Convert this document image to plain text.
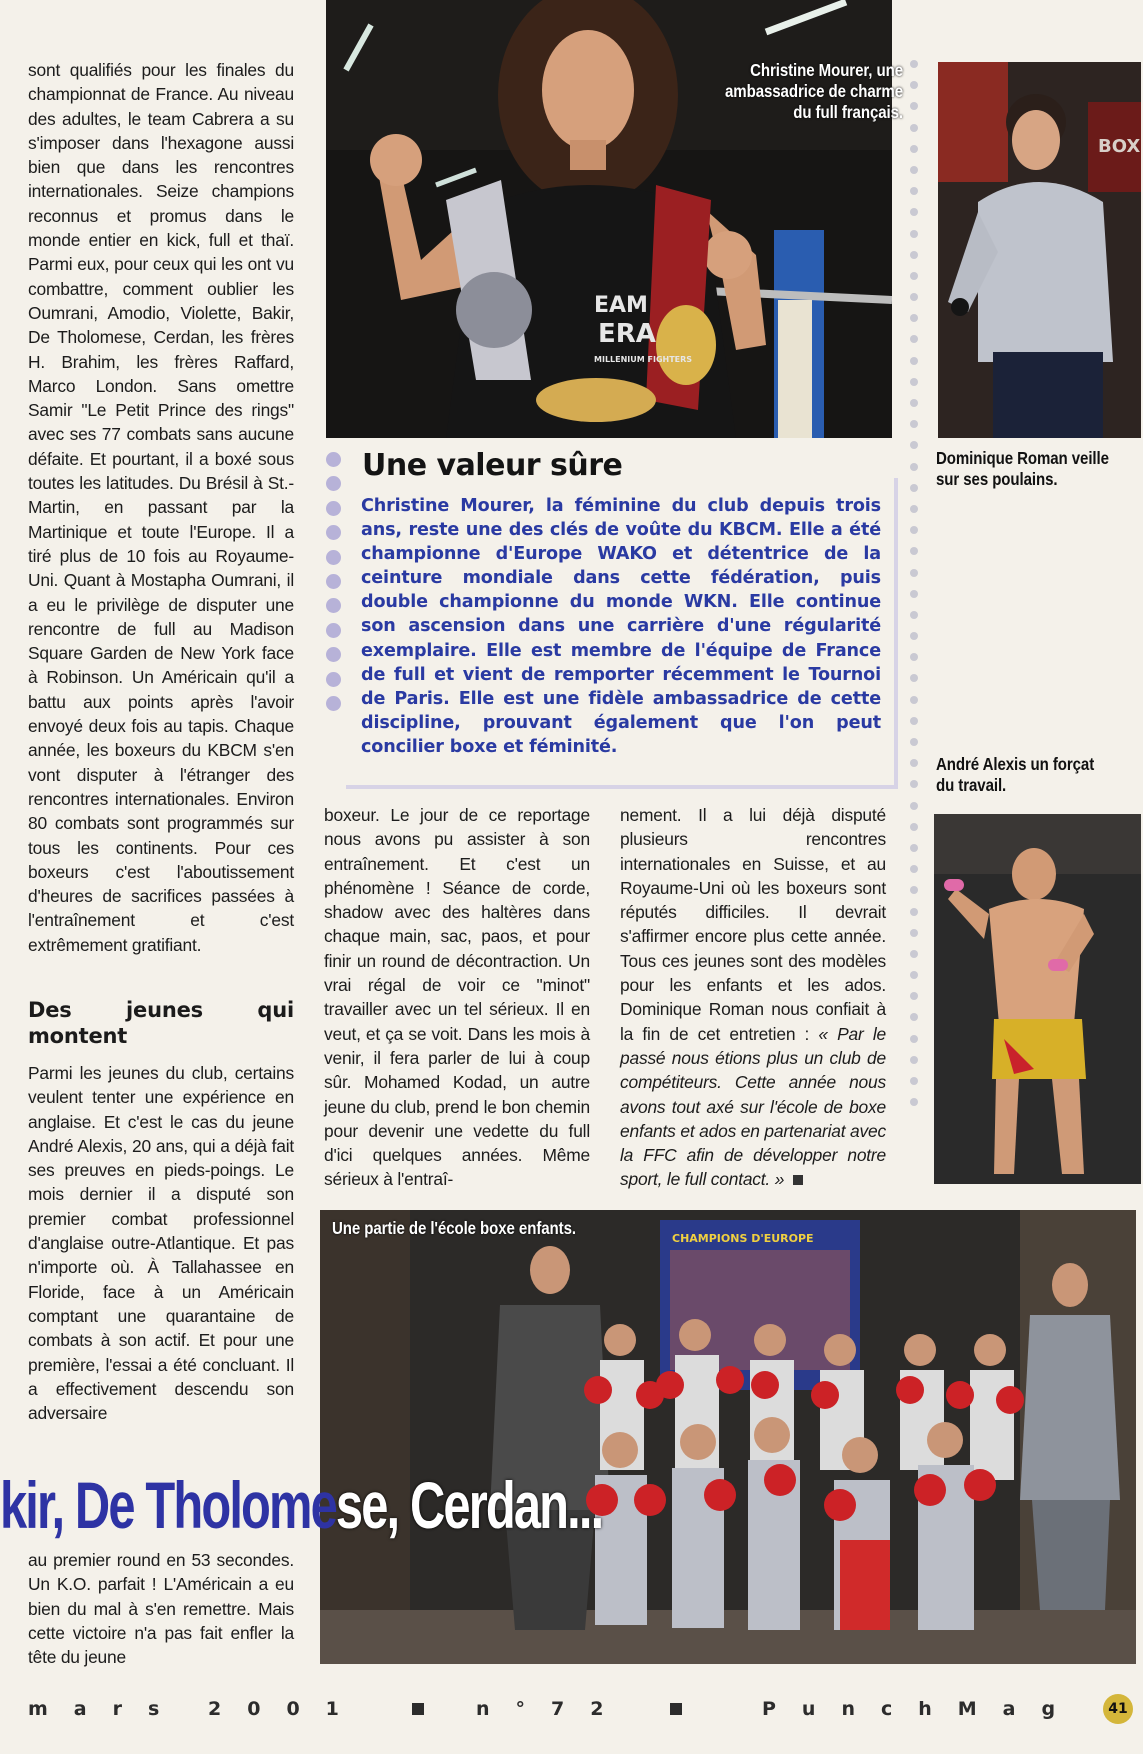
sont qualifiés pour les finales du championnat de France. Au niveau des adultes, le team Cabrera a su s'imposer dans l'hexagone aussi bien que dans les rencontres internationales. Seize champions reconnus et promus dans le monde entier en kick, full et thaï. Parmi eux, pour ceux qui les ont vu combattre, comment oublier les Oumrani, Amodio, Violette, Bakir, De Tholomese, Cerdan, les frères H. Brahim, les frères Raffard, Marco London. Sans omettre Samir "Le Petit Prince des rings" avec ses 77 combats sans aucune défaite. Et pourtant, il a boxé sous toutes les latitudes. Du Brésil à St.-Martin, en passant par la Martinique et toute l'Europe. Il a tiré plus de 10 fois au Royaume-Uni. Quant à Mostapha Oumrani, il a eu le privilège de disputer une rencontre de full au Madison Square Garden de New York face à Robinson. Un Américain qu'il a battu aux points après l'avoir envoyé deux fois au tapis. Chaque année, les boxeurs du KBCM s'en vont disputer à l'étranger des rencontres internationales. Environ 80 combats sont programmés sur tous les continents. Pour ces boxeurs c'est l'aboutissement d'heures de sacrifices passées à l'entraînement et c'est extrêmement gratifiant.

Des jeunes qui montent

Parmi les jeunes du club, certains veulent tenter une expérience en anglaise. Et c'est le cas du jeune André Alexis, 20 ans, qui a déjà fait ses preuves en pieds-poings. Le mois dernier il a disputé son premier combat professionnel d'anglaise outre-Atlantique. Et pas n'importe où. À Tallahassee en Floride, face à un Américain comptant une quarantaine de combats à son actif. Et pour une première, l'essai a été concluant. Il a effectivement descendu son adversaire

au premier round en 53 secondes. Un K.O. parfait ! L'Américain a eu bien du mal à s'en remettre. Mais cette victoire n'a pas fait enfler la tête du jeune

EAM
ERA
MILLENIUM FIGHTERS
Christine Mourer, une ambassadrice de charme du full français.
BOX
Dominique Roman veille sur ses poulains.
Une valeur sûre
Christine Mourer, la féminine du club depuis trois ans, reste une des clés de voûte du KBCM. Elle a été championne d'Europe WAKO et détentrice de la ceinture mondiale dans cette fédération, puis double championne du monde WKN. Elle continue son ascension dans une carrière d'une régularité exemplaire. Elle est membre de l'équipe de France de full et vient de remporter récemment le Tournoi de Paris. Elle est une fidèle ambassadrice de cette discipline, prouvant également que l'on peut concilier boxe et féminité.

boxeur. Le jour de ce reportage nous avons pu assister à son entraînement. Et c'est un phénomène ! Séance de corde, shadow avec des haltères dans chaque main, sac, paos, et pour finir un round de décontraction. Un vrai régal de voir ce "minot" travailler avec un tel sérieux. Il en veut, et ça se voit. Dans les mois à venir, il fera parler de lui à coup sûr. Mohamed Kodad, un autre jeune du club, prend le bon chemin pour devenir une vedette du full d'ici quelques années. Même sérieux à l'entraî-

nement. Il a lui déjà disputé plusieurs rencontres internationales en Suisse, et au Royaume-Uni où les boxeurs sont réputés difficiles. Il devrait s'affirmer encore plus cette année. Tous ces jeunes sont des modèles pour les enfants et les ados. Dominique Roman nous confiait à la fin de cet entretien : « Par le passé nous étions plus un club de compétiteurs. Cette année nous avons tout axé sur l'école de boxe enfants et ados en partenariat avec la FFC afin de développer notre sport, le full contact. »

André Alexis un forçat du travail.
CHAMPIONS D'EUROPE
Une partie de l'école boxe enfants.
kir, De Tholomese, Cerdan...
mars 2001	n°72	PunchMag	41
